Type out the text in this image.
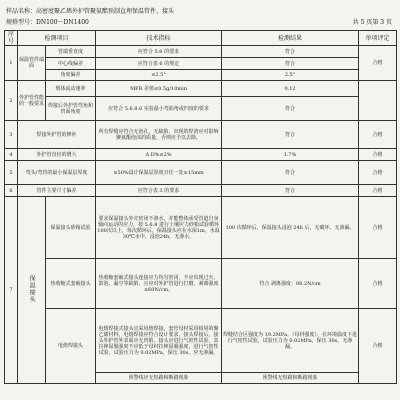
样品名称：高密度聚乙烯外护管聚氨酯预制直埋保温管件、接头
规格型号：DN100～DN1400	共 5 页第 3 页
序号	检测项目		技术指标	检测结果	单项评定
1	保温管件端面	管端垂直度	应符合 5.6 的要求	符合	合格
		中心线偏差	应符合表 6 的规定	符合	
		角度偏差	≤2.5°	2.5°	
2	外护管性能的一般要求	熔体流动速率	MFR 差值≤0.5g/10min	0.12	
		焊接后外护管弯角和凹面角度	应符合 5.6.8.6 实验最小弯曲角或凹度的要求	符合	
3	焊接外护管的修补		所有焊缝应符合无泡孔，无缺陷，出现的焊渣应对影响聚氨酯泡沫的质量，否则应予以去除。	符合	合格
4	外护管直径的增大		Δ D%≤2%	1.7%	合格
5	弯头/弯管的最小保温层厚度		≥50%设计保温层厚度且任一处≥15mm	符合	合格
6	管件主要尺寸偏差		应符合表 3 的要求	符合	合格
7	保温接头	保温接头砂箱试验	要求保温接头外壳密闭不渗水，并能整体承受管道自身轴向运动的应力，按 5.6.8 进行土壤应力砂箱试验循环100次以上，每次循环后，保温接头应在水深1m，水温30℃水中，浸泡24h，无渗水。	100 次循环后，保温接头浸泡 24h 后，无破坏、无渗漏。	合格
		热收缩式套袖接头	热收缩套袖式接头连接应力均匀密闭，不应出现过火、鼓泡、漏空等缺陷，且应对外护管进行打磨，剥离强度≥60N/cm。	符合 剥离强度：98.2N/cm	合格
		电熔焊接头	电熔焊接式接头宜采用熔焊接，套管母材采用相同的聚乙烯材料，电熔焊接应符合设计要求，接头焊接后，接头外护管外表面应无凹陷、接头应进行气密性试验，其拉伸屈服强度不应低于母材拉伸屈服强度，进行气密性试验，试验压力为 0.02MPa，保压 30s，应无渗漏。	焊缝结合区强度为 19.2MPa。（母材强度），在环境温度下进行气密性试验，试验压力为 0.02MPa，保压 30s，无渗漏。	合格
			预警线应无短路和断路现象	预警线无短路和断路现象	
